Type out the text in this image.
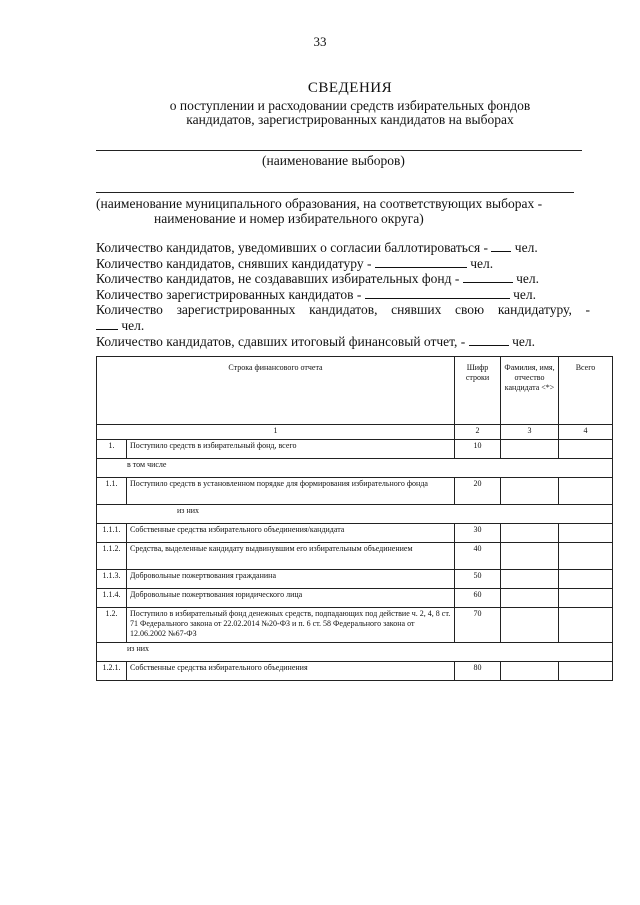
33
СВЕДЕНИЯ
о поступлении и расходовании средств избирательных фондов
кандидатов, зарегистрированных кандидатов на выборах
(наименование выборов)
(наименование муниципального образования, на соответствующих выборах -
наименование и номер избирательного округа)
Количество кандидатов, уведомивших о согласии баллотироваться - чел.
Количество кандидатов, снявших кандидатуру -	чел.
Количество кандидатов, не создававших избирательных фонд -	чел.
Количество зарегистрированных кандидатов -	чел.
Количество зарегистрированных кандидатов, снявших свою кандидатуру, -
чел.
Количество кандидатов, сдавших итоговый финансовый отчет, -	чел.
Строка финансового отчета		Шифр строки	Фамилия, имя, отчество кандидата <*>	Всего
1		2	3	4
1.	Поступило средств в избирательный фонд, всего	10		
в том числе				
1.1.	Поступило средств в установленном порядке для формирования избирательного фонда	20		
из них				
1.1.1.	Собственные средства избирательного объединения/кандидата	30		
1.1.2.	Средства, выделенные кандидату выдвинувшим его избирательным объединением	40		
1.1.3.	Добровольные пожертвования гражданина	50		
1.1.4.	Добровольные пожертвования юридического лица	60		
1.2.	Поступило в избирательный фонд денежных средств, подпадающих под действие ч. 2, 4, 8 ст. 71 Федерального закона от 22.02.2014 №20-ФЗ и п. 6 ст. 58 Федерального закона от 12.06.2002 №67-ФЗ	70		
из них				
1.2.1.	Собственные средства избирательного объединения	80		
